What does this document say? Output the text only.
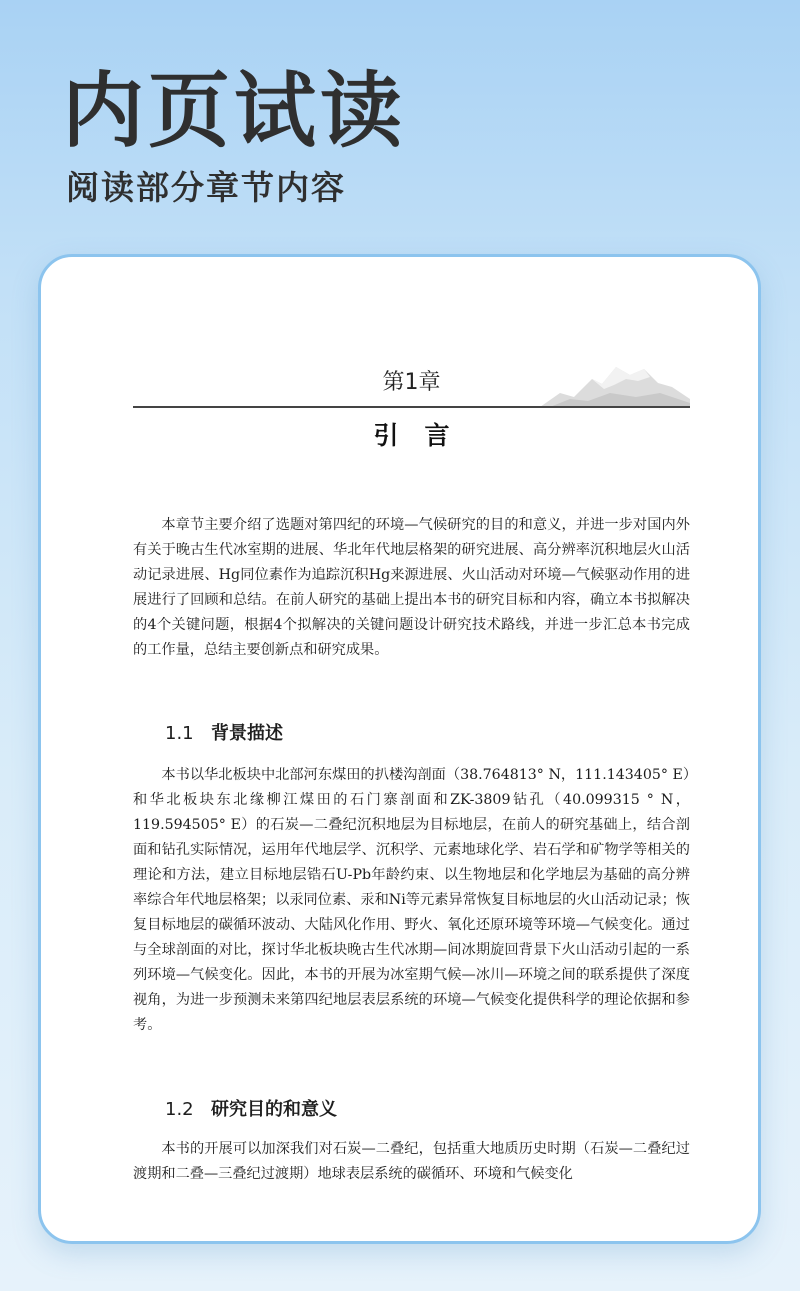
内页试读
阅读部分章节内容
第1章
引言

本章节主要介绍了选题对第四纪的环境—气候研究的目的和意义，并进一步对国内外有关于晚古生代冰室期的进展、华北年代地层格架的研究进展、高分辨率沉积地层火山活动记录进展、Hg同位素作为追踪沉积Hg来源进展、火山活动对环境—气候驱动作用的进展进行了回顾和总结。在前人研究的基础上提出本书的研究目标和内容，确立本书拟解决的4个关键问题，根据4个拟解决的关键问题设计研究技术路线，并进一步汇总本书完成的工作量，总结主要创新点和研究成果。

1.1 背景描述

本书以华北板块中北部河东煤田的扒楼沟剖面（38.764813° N，111.143405° E）和华北板块东北缘柳江煤田的石门寨剖面和ZK-3809钻孔（40.099315 ° N，119.594505° E）的石炭—二叠纪沉积地层为目标地层，在前人的研究基础上，结合剖面和钻孔实际情况，运用年代地层学、沉积学、元素地球化学、岩石学和矿物学等相关的理论和方法，建立目标地层锆石U-Pb年龄约束、以生物地层和化学地层为基础的高分辨率综合年代地层格架；以汞同位素、汞和Ni等元素异常恢复目标地层的火山活动记录；恢复目标地层的碳循环波动、大陆风化作用、野火、氧化还原环境等环境—气候变化。通过与全球剖面的对比，探讨华北板块晚古生代冰期—间冰期旋回背景下火山活动引起的一系列环境—气候变化。因此，本书的开展为冰室期气候—冰川—环境之间的联系提供了深度视角，为进一步预测未来第四纪地层表层系统的环境—气候变化提供科学的理论依据和参考。

1.2 研究目的和意义

本书的开展可以加深我们对石炭—二叠纪，包括重大地质历史时期（石炭—二叠纪过渡期和二叠—三叠纪过渡期）地球表层系统的碳循环、环境和气候变化
